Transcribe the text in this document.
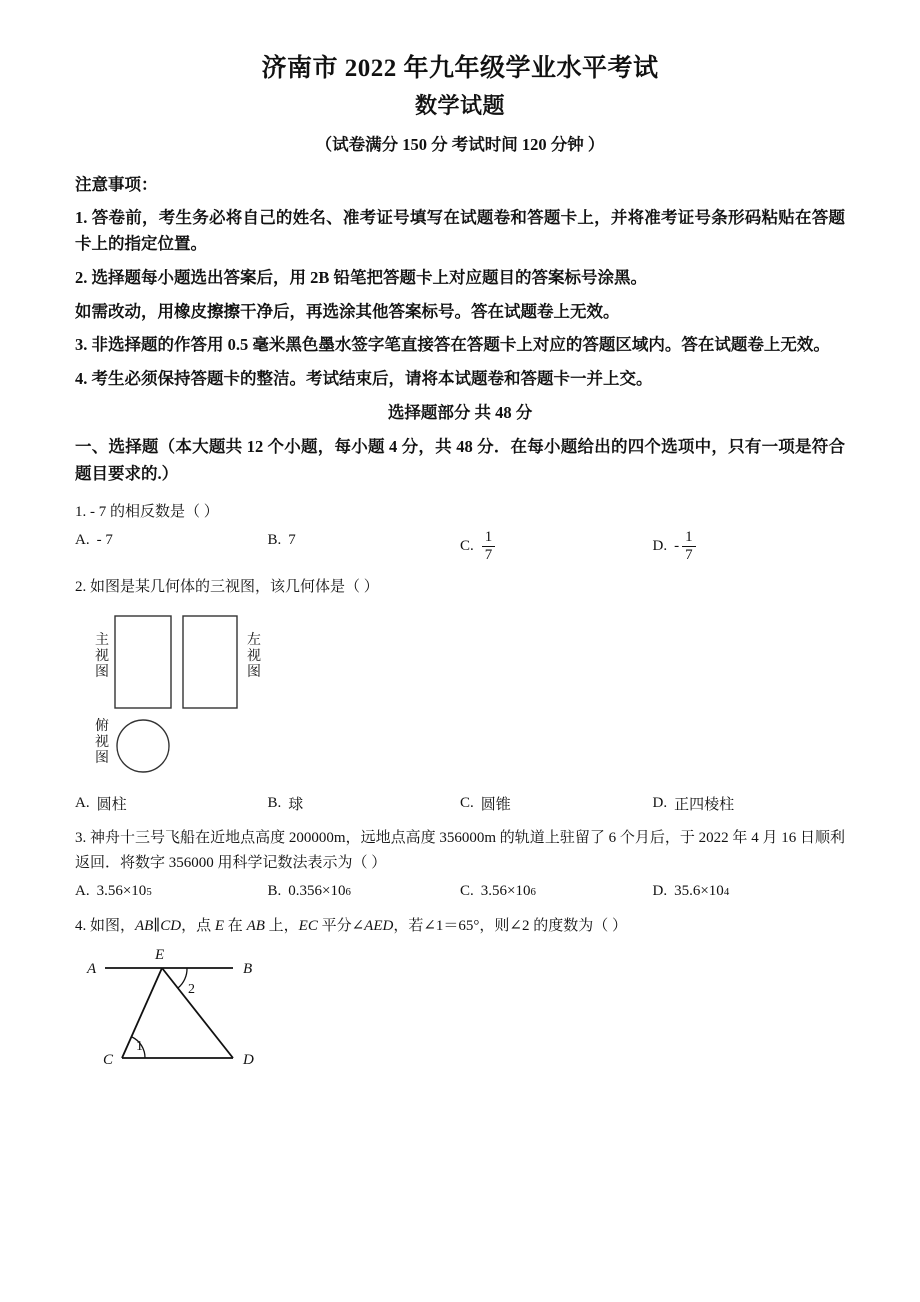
济南市 2022 年九年级学业水平考试
数学试题
（试卷满分 150 分 考试时间 120 分钟 ）
注意事项：
1. 答卷前，考生务必将自己的姓名、准考证号填写在试题卷和答题卡上，并将准考证号条形码粘贴在答题卡上的指定位置。
2. 选择题每小题选出答案后，用 2B 铅笔把答题卡上对应题目的答案标号涂黑。
如需改动，用橡皮擦擦干净后，再选涂其他答案标号。答在试题卷上无效。
3. 非选择题的作答用 0.5 毫米黑色墨水签字笔直接答在答题卡上对应的答题区域内。答在试题卷上无效。
4. 考生必须保持答题卡的整洁。考试结束后，请将本试题卷和答题卡一并上交。
选择题部分 共 48 分
一、选择题（本大题共 12 个小题，每小题 4 分，共 48 分．在每小题给出的四个选项中，只有一项是符合题目要求的.）
1. - 7 的相反数是（ ）
A. - 7	B. 7	C. $\frac{1}{7}$	D. - $\frac{1}{7}$
2. 如图是某几何体的三视图，该几何体是（ ）
主 视 图
左 视 图
俯 视 图
A. 圆柱	B. 球	C. 圆锥	D. 正四棱柱
3. 神舟十三号飞船在近地点高度 200000m，远地点高度 356000m 的轨道上驻留了 6 个月后，于 2022 年 4 月 16 日顺利返回．将数字 356000 用科学记数法表示为（ ）
A. 3.56×10 5	B. 0.356×10 6	C. 3.56×10 6	D. 35.6×10 4
4. 如图，AB∥CD，点 E 在 AB 上，EC 平分∠AED，若∠1＝65°，则∠2 的度数为（ ）
A	B
E
C	D
2
1
